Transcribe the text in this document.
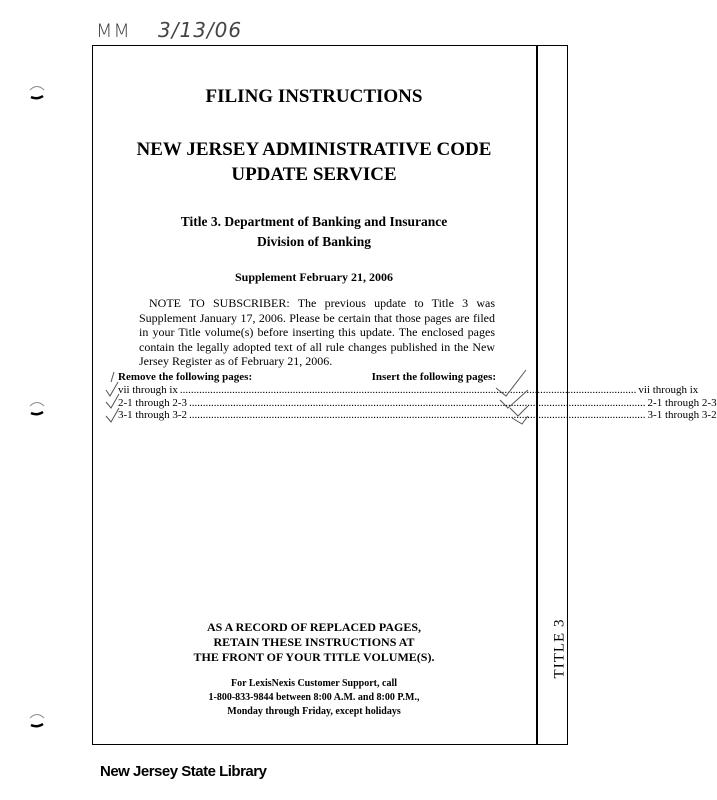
MM 3/13/06
FILING INSTRUCTIONS
NEW JERSEY ADMINISTRATIVE CODE
UPDATE SERVICE
Title 3. Department of Banking and Insurance
Division of Banking
Supplement February 21, 2006
NOTE TO SUBSCRIBER: The previous update to Title 3 was Supplement January 17, 2006. Please be certain that those pages are filed in your Title volume(s) before inserting this update. The enclosed pages contain the legally adopted text of all rule changes published in the New Jersey Register as of February 21, 2006.
Remove the following pages:	Insert the following pages:
vii through ix ...................................................................................................................................................................... vii through ix
2-1 through 2-3 ...................................................................................................................................................................... 2-1 through 2-3
3-1 through 3-2 ...................................................................................................................................................................... 3-1 through 3-2
AS A RECORD OF REPLACED PAGES,
RETAIN THESE INSTRUCTIONS AT
THE FRONT OF YOUR TITLE VOLUME(S).
For LexisNexis Customer Support, call
1-800-833-9844 between 8:00 A.M. and 8:00 P.M.,
Monday through Friday, except holidays
TITLE 3
New Jersey State Library
